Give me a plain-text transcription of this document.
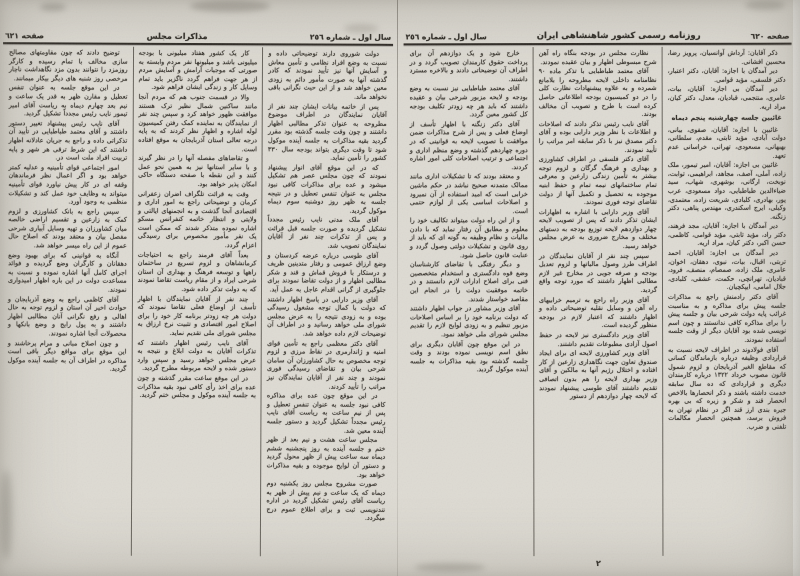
سال اول ـ شماره ٢٥٦
مذاکرات مجلس
صفحه ٦٢١

دولت شوروی دارند توضیحاتی داده و نسبت به وضع افراد نظامی و تأمین معاش و آسایش آنها نیز تأیید نمودند که کادر گذشته آنها به صورت مأمور دائم به زودی معین خواهد شد و از این حیث نگرانی باقی نخواهد ماند.

پس از خاتمه بیانات ایشان چند نفر از آقایان نمایندگان در اطراف موضوع مطروحه به عنوان تذکر مطالبی اظهار داشتند و چون وقت جلسه گذشته بود مقرر گردید بقیه مذاکرات به جلسه آینده موکول شود تا وقت دیگری بتواند بودجه سال ٣٣٠ کشور را تأمین نماید.

که در این موقع آقای انوار پیشنهاد نمودند که چون مجلس عصر هم تشکیل میشود و عده برای مذاکرات کافی نبود مجلس به عنوان تنفس تعطیل و در نتیجه جلسه به ظهر روز دوشنبه سوم دیماه موکول گردید.

آقای ملک مدنی نایب رئیس مجدداً تشکیل گردیده و صورت جلسه قبل قرائت و پس از تذکرات چند نفر از آقایان نمایندگان تصویب شد.

آقای طوسی درباره عرضه کردستان و وضع ارزاق عمومی و رفتار متدینین ظریف و درستکار با فروش قماش و قند و شکر مطالبی اظهار و از دولت تقاضا نمودند برای جلوگیری از گرانی اقدام عاجل به عمل آید.

آقای وزیر دارایی در پاسخ اظهار داشتند که دولت با کمال توجه مشغول رسیدگی بوده و به زودی نتیجه را به عرض مجلس شورای ملی خواهد رسانید و در اطراف آن توضیحات لازم داده خواهد شد.

آقای دکتر معظمی راجع به تأمین قوای امنیه و ژاندارمری در نقاط مرزی و لزوم توجه مخصوص به حال کشاورزان آن سامان شرحی بیان و تقاضای رسیدگی فوری نمودند و چند نفر از آقایان نمایندگان نیز مراتب را تأیید کردند.

در این موقع چون عده برای مذاکره کافی نبود جلسه به عنوان تنفس تعطیل و پس از نیم ساعت به ریاست آقای نایب رئیس مجدداً تشکیل گردید و دستور جلسه آینده معین شد.

مجلس ساعت هشت و نیم بعد از ظهر ختم و جلسه آینده به روز پنجشنبه ششم دیماه سه ساعت پیش از ظهر محول گردید و دستور آن لوایح موجوده و بقیه مذاکرات خواهد بود.

صورت مشروح مجلس روز یکشنبه دوم دیماه که یک ساعت و نیم پیش از ظهر به ریاست آقای رئیس تشکیل گردید در اداره تندنویسی ثبت و برای اطلاع عموم درج میگردد.

کار یک کشور هفتاد میلیونی با بودجه میلیونی باشد و میلیونها نفر مردم وابسته به صورتی که موجبات آرامش و آسایش مردم از هر جهت فراهم گردد ناگزیر باید تمام وسایل کار و زندگی ایشان فراهم شود.

والا در قسمت جنوب هم که مردم آنجا مانند ساکنین شمال نظیر ترک هستند موافقت ظهور خواهد کرد و سپس چند نفر از نمایندگان به نماینده کمک رفتن کمیسیون لوله اشاره و اظهار نظر کردند که به پایه درجه تعالی استان آذربایجان به موقع افتاده است.

و تقاضاهای مفصله آنها را در نظر گیرند و با سایر استانها نیز به همین نحو عمل کنند و این نقطه با صفحه دستگاه حاکی امکان پذیر خواهد بود.

وقت به قرائت تلگراف اضران زعفرانی کرمان و توضیحاتی راجع به امور اداری و اقتصادی آنجا گذشت و به انجمنهای ایالتی و ولایتی و انتظار خاتمه کنفرانس مسکو اشاره نموده متذکر شدند که ممکن است یک نفر مأمور مخصوص برای رسیدگی اعزام گردد.

بعداً آقای فرمند راجع به احتیاجات کرمانشاهان و لزوم تسریع در ساختمان راهها و توسعه فرهنگ و بهداری آن استان شرحی ایراد و از مقام ریاست تقاضا نمودند که به دولت تذکر داده شود.

چند نفر از آقایان نمایندگان با اظهار تأسف از اوضاع فعلی تقاضا نمودند که دولت هر چه زودتر برنامه کار خود را برای اصلاح امور اقتصادی و تثبیت نرخ ارزاق به مجلس شورای ملی تقدیم نماید.

آقای نایب رئیس اظهار داشتند که تذکرات آقایان به دولت ابلاغ و نتیجه به عرض مجلس خواهد رسید و سپس وارد دستور شده و لایحه مربوطه مطرح گردید.

در این موقع ساعت مقرر گذشته و چون عده برای اخذ رأی کافی نبود بقیه مذاکرات به جلسه آینده موکول و مجلس ختم گردید.

توضیح دادند که چون مقاومتهای مصالح سازی مخالف با تمام رسیده و کارگر روزمزد را نتوانند بدون مزد نگاهداشت ناچار مرخصی روز شنبه های دیگر بیکار میمانند.

در این موقع جلسه به عنوان تنفس تعطیل و مقارن ظهر به قدر یک ساعت و نیم بعد چهارم دیماه به ریاست آقای امیر تیمور نایب رئیس مجدداً تشکیل گردید.

آقای نایب رئیس پیشنهاد تغییر دستور داشتند و آقای معتمد طباطبایی در تأیید آن تذکراتی داده و راجع به جریان عادلانه اظهار داشتند که این شرط ترقی هر شهر و پایه تربیت افراد ملت است در.

امور اجتماعی قوای تأمینیه و عدلیه کمتر خواهد بود و اگر اعمال نظر فرماندهان وقفه ای در کار پیش نیاورد قوای تأمینیه میتواند به وظایف خود عمل کند و تشکیلات منظمی به وجود آورد.

سپس راجع به بانک کشاورزی و لزوم کمک به زارعین و تقسیم اراضی خالصه میان کشاورزان و تهیه وسایل آبیاری شرحی مفصل بیان و معتقد بودند که اصلاح حال عموم از این راه میسر خواهد شد.

آنگاه به قوانینی که برای بهبود وضع دهقانان و کارگران وضع گردیده و فوائد اجرای کامل آنها اشاره نموده و نسبت به مساعدت دولت در این باره اظهار امیدواری نمودند.

آقای کاظمی راجع به وضع آذربایجان و حوادث اخیر آن استان و لزوم توجه به حال اهالی و رفع نگرانی آنان مطالبی اظهار داشتند و به پول رایج و وضع بانکها و محصولات آنجا اشاره نمودند.

و چون اصلاح مبانی و مرام پرخاشند و این موقع برای مواقع دیگر باقی است مذاکره در اطراف آن به جلسه آینده موکول گردید.

صفحه ٦٢٠
روزنامه رسمی کشور شاهنشاهی ایران
سال اول ـ شماره ٢٥٦

ذکر آقایان: آرداش آوانسیان، پرویز رضا، محسین افشانی.

دیر آمدگان با اجازه: آقایان، دکتر اعتبار، دکتر فلسفی، مؤید قوامی.

دیر آمدگان بی اجازه: آقایان، بیات، عامری، منتجمی، قبادیان، معدل، دکتر کیان، مراد اریه.

غائبین جلسه چهارشنبه پنجم دیماه

غائبین با اجازه: آقایان، صفوی، بیانی، دولت آبادی، مؤید ثابتی، مقدم، سلطانی، بهبهانی، مسعودی، تهرانی، خراسانی عدم تعهد.

غائبین بی اجازه: آقایان، امیر تیمور، ملک زاده، آملی، آصف، مجاهد، ابراهیمی، ثوابت، نوبخت، ارگانی، بوشهری، شهاب، سید ضیاءالدین طباطبایی، دواد مسعودی، عرب پور، بهادری، کلبادی، شریعت زاده، معتمدی، وکیلی، ایرج اسکندری، مهندس پناهی، دکتر زنگنه.

دیر آمدگان با اجازه: آقایان، مجد فرهند، دکتر راد، مؤید ثابتی، مؤید قوامی، کاظمی، حسن اکبر، دکتر کیان، مراد اریه.

دیر آمدگان بی اجازه: آقایان، احمد تربتی، اقبال، بیات، نبوی، دهقان، اخوان، عامری، ملک زاده، صمصام، منصف، فرود، قبادیان، تهرانچی، حکمت، عشقی، کلبادی، جلال امامی، ایپکچیان.

آقای دکتر رادمنش راجع به مذاکرات جلسه پیش برای مذاکره و به مناسبت غرائب پایه دولت شرحی بیان و جلسه پیش را برای مذاکره کافی ندانستند و چون اسم نویسی شده بود آقایان دیگر از وقت جلسه استفاده نمودند.

آقای فولادوند در اطراف لایحه نسبت به قراردادی وظیفه درباره بازماندگان کسانی که مقاطع الغیر آذربایجان و لزوم شمول قانون مصوب خرداد ١٣٢٢ درباره کارمندان دیگری و قراردادی که ده سال سابقه خدمت داشته باشند و ذکر انحصارها بالاخص انحصار قند و شکر و زیره که بی بهره جیره بندی ارز قند اگر در نظام تهران به فروش برسد، همچنین انحصار مکالمات تلفنی و ضرب.

نظارت مجلس در بودجه بنگاه راه آهن شرح مبسوطی اظهار و بیان عقیده نمودند.

آقای معتمد طباطبایی با تذکر ماده ٩٠ نظامنامه داخلی لایحه مطروحه را بلامانع شمرده و به علاوه پیشنهادات نظارت کلی را در دو کمیسیون بودجه اطلاعاتی حاصل کرده است با طرح و تصویب آن مخالف بودند.

آقای نایب رئیس تذکر دادند که اصلاحات و اطلاعات با نظر وزیر دارایی بوده و آقای دکتر مصدق نیز با ذکر سابقه امر مراتب را تأیید نمودند.

آقای دکتر فلسفی در اطراف کشاورزی و بهداری و فرهنگ گرگان و لزوم توجه بیشتر به تأمین زندگی زارعین و معرفی تمام ساختمانهای نیمه تمام و حفظ ابنیه موجوده به تحصیل و تکمیل آنها از دولت تقاضای توجه فوری نمودند.

آقای وزیر دارایی با اشاره به اظهارات ایشان تذکر دادند که پس از تصویب لایحه چهار دوازدهم لایحه توزیع بودجه به دستهای مختلف و مخارج ضروری به عرض مجلس خواهد رسید.

سپس چند نفر از آقایان نمایندگان در اطراف طرز وصول مالیاتها و لزوم تعدیل بودجه و صرفه جویی در مخارج غیر لازم مطالبی اظهار داشتند که مورد توجه واقع گردید.

آقای وزیر راه راجع به ترمیم خرابیهای راه آهن و وسایل نقلیه توضیحاتی داده و اظهار داشتند که اعتبار لازم در بودجه منظور گردیده است.

آقای وزیر دادگستری نیز لایحه در حفظ اصول آزادی مطبوعات تقدیم داشتند.

آقای وزیر کشاورزی لایحه ای برای ایجاد صندوق تعاون جهت نگاهداری زارعین از کار افتاده و اختلال رژیم آنها به مالکین و آقای وزیر بهداری لایحه را هم بدون اتصافی تقدیم داشتند آقای طوسی پیشنهاد نمودند که لایحه چهار دوازدهم از دستور

خارج شود و یک دوازدهم آن برای پرداخت حقوق کارمندان تصویب گردد و در اطراف آن توضیحاتی دادند و بالاخره مسترد داشتند.

آقای معتمد طباطبایی نیز نسبت به وضع بودجه و لایحه مزبور شرحی بیان و عقیده داشتند که باید هر چه زودتر تکلیف بودجه کل کشور معین گردد.

آقای دکتر زنگنه با اظهار تأسف از اوضاع فعلی و پس از شرح مذاکرات ضمن موافقت با تصویب لایحه به قوانینی که در دوره چهاردهم گذشته و وضع منظم اداری و اجتماعی و ترتیب اصلاحات کلی امور اشاره کردند.

و معتقد بودند که تا تشکیلات اداری مانند ممالک متمدنه صحیح نباشد در حکم ماشین خرابی است که امید استفاده از آن نمیرود و اصلاحات اساسی یکی از لوازم حتمی است.

و از این راه دولت میتواند تکالیف خود را معلوم و مطابق آن رفتار نماید که با دادن مالیات و نظام وظیفه به گونه ای که باید از روی قانون و تشکیلات دولتی وصول گردد و عنایت قانون حاصل شود.

و دیگر رفتگی با تقاضای کارشناسان وضع قوه دادگستری و استخدام متخصصین فنی برای اصلاح ادارات لازم دانستند و در خاتمه موفقیت دولت را در انجام این مقاصد خواستار شدند.

آقای وزیر مشاور در جواب اظهار داشتند که دولت برنامه خود را بر اساس اصلاحات مزبور تنظیم و به زودی لوایح لازم را تقدیم مجلس شورای ملی خواهد نمود.

در این موقع چون آقایان دیگری برای نطق اسم نویسی نموده بودند و وقت جلسه گذشته بود بقیه مذاکرات به جلسه آینده موکول گردید.

٢
